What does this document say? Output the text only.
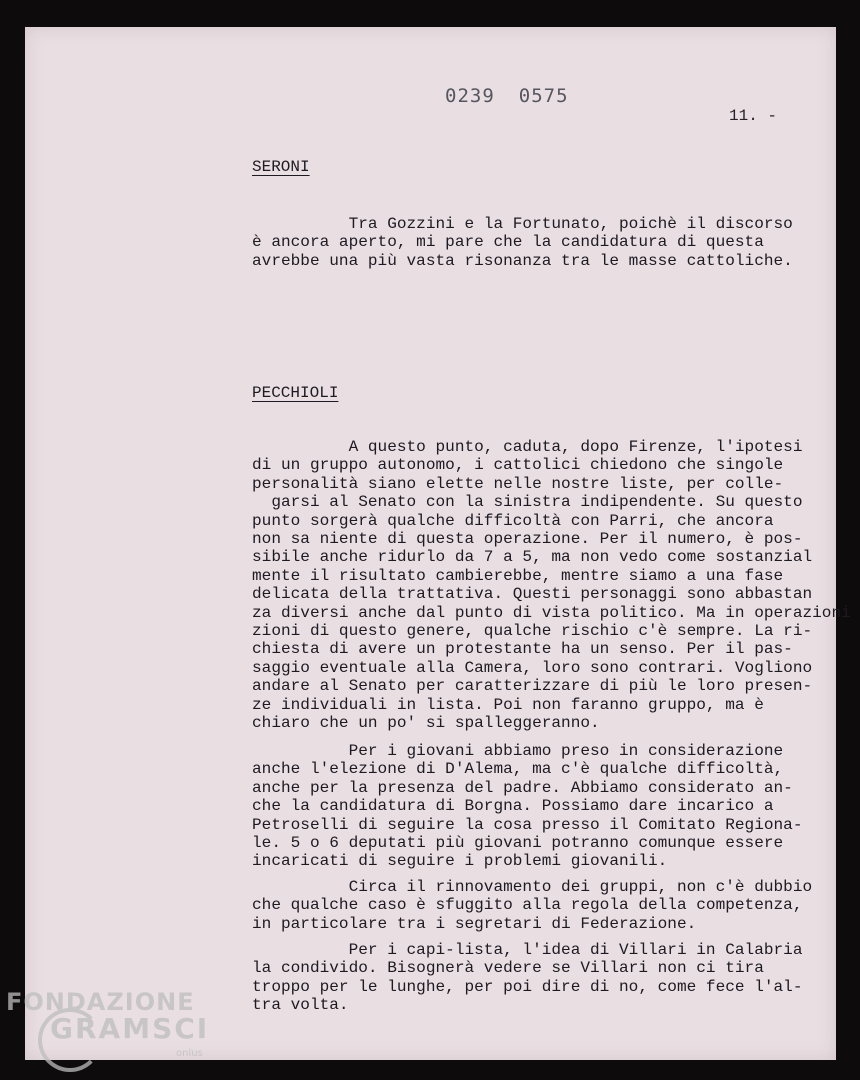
0239 0575
11. -
SERONI
Tra Gozzini e la Fortunato, poichè il discorso
è ancora aperto, mi pare che la candidatura di questa
avrebbe una più vasta risonanza tra le masse cattoliche.
PECCHIOLI
A questo punto, caduta, dopo Firenze, l'ipotesi
di un gruppo autonomo, i cattolici chiedono che singole
personalità siano elette nelle nostre liste, per colle-
garsi al Senato con la sinistra indipendente. Su questo
punto sorgerà qualche difficoltà con Parri, che ancora
non sa niente di questa operazione. Per il numero, è pos-
sibile anche ridurlo da 7 a 5, ma non vedo come sostanzial
mente il risultato cambierebbe, mentre siamo a una fase
delicata della trattativa. Questi personaggi sono abbastan
za diversi anche dal punto di vista politico. Ma in operazioni
zioni di questo genere, qualche rischio c'è sempre. La ri-
chiesta di avere un protestante ha un senso. Per il pas-
saggio eventuale alla Camera, loro sono contrari. Vogliono
andare al Senato per caratterizzare di più le loro presen-
ze individuali in lista. Poi non faranno gruppo, ma è
chiaro che un po' si spalleggeranno.
Per i giovani abbiamo preso in considerazione
anche l'elezione di D'Alema, ma c'è qualche difficoltà,
anche per la presenza del padre. Abbiamo considerato an-
che la candidatura di Borgna. Possiamo dare incarico a
Petroselli di seguire la cosa presso il Comitato Regiona-
le. 5 o 6 deputati più giovani potranno comunque essere
incaricati di seguire i problemi giovanili.
Circa il rinnovamento dei gruppi, non c'è dubbio
che qualche caso è sfuggito alla regola della competenza,
in particolare tra i segretari di Federazione.
Per i capi-lista, l'idea di Villari in Calabria
la condivido. Bisognerà vedere se Villari non ci tira
troppo per le lunghe, per poi dire di no, come fece l'al-
tra volta.
FONDAZIONE
GRAMSCI
onlus
